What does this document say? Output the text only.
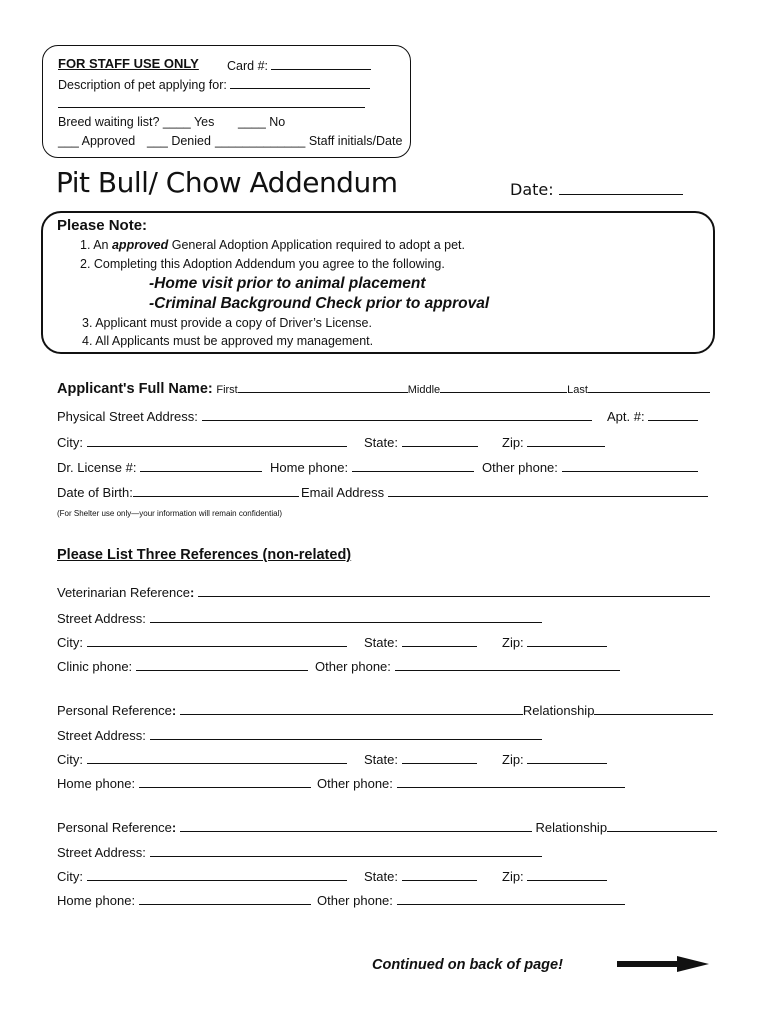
FOR STAFF USE ONLY Card #:
Description of pet applying for:
Breed waiting list? ____ Yes ____ No
___ Approved ___ Denied _____________ Staff initials/Date
Pit Bull/ Chow Addendum	Date:
Please Note:
1. An approved General Adoption Application required to adopt a pet.
2. Completing this Adoption Addendum you agree to the following.
-Home visit prior to animal placement
-Criminal Background Check prior to approval
3. Applicant must provide a copy of Driver’s License.
4. All Applicants must be approved my management.
Applicant's Full Name: First	Middle	Last
Physical Street Address:	Apt. #:
City:	State:	Zip:
Dr. License #:	Home phone:	Other phone:
Date of Birth:	Email Address
(For Shelter use only—your information will remain confidential)
Please List Three References (non-related)
Veterinarian Reference:
Street Address:
City:	State:	Zip:
Clinic phone:	Other phone:
Personal Reference:	Relationship
Street Address:
City:	State:	Zip:
Home phone:	Other phone:
Personal Reference:	Relationship
Street Address:
City:	State:	Zip:
Home phone:	Other phone:
Continued on back of page!
